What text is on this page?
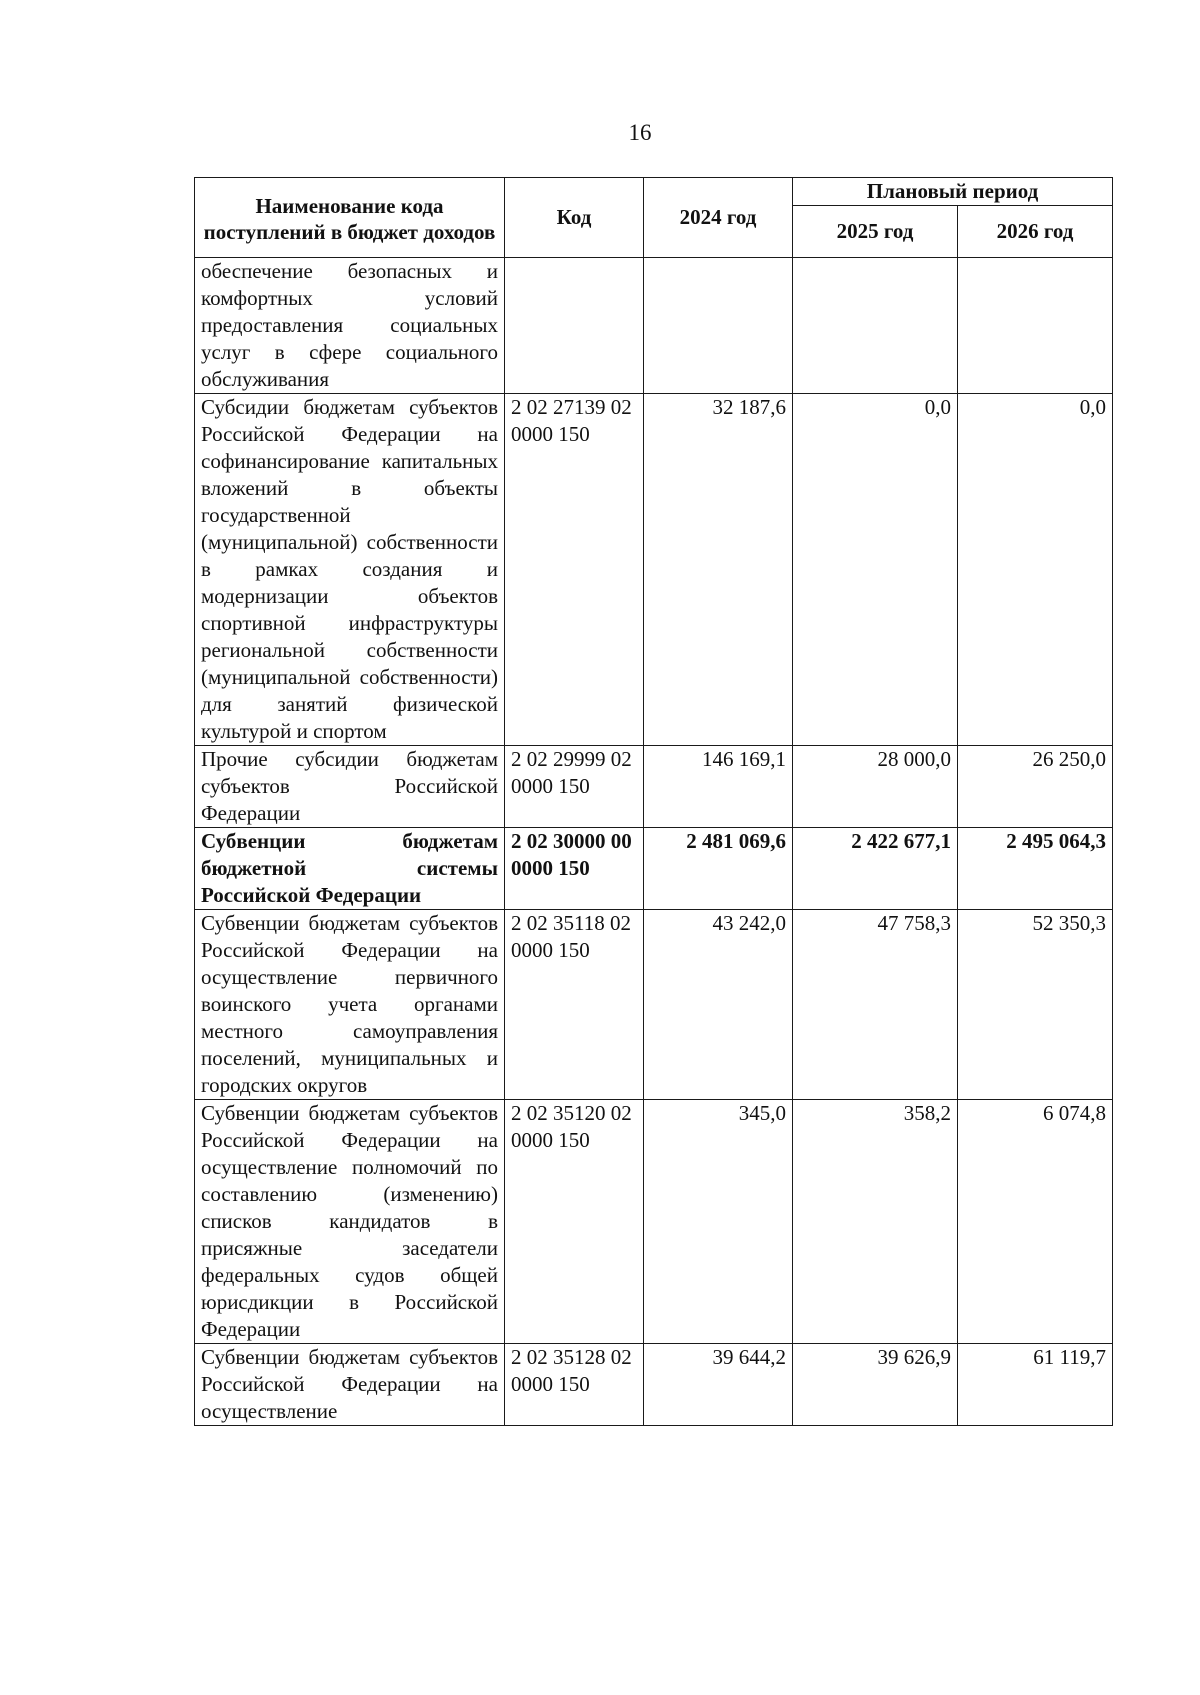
16
Наименование кода поступлений в бюджет доходов	Код	2024 год	Плановый период	
			2025 год	2026 год
обеспечение безопасных и комфортных условий предоставления социальных услуг в сфере социального обслуживания				
Субсидии бюджетам субъектов Российской Федерации на софинансирование капитальных вложений в объекты государственной (муниципальной) собственности в рамках создания и модернизации объектов спортивной инфраструктуры региональной собственности (муниципальной собственности) для занятий физической культурой и спортом	2 02 27139 02 0000 150	32 187,6	0,0	0,0
Прочие субсидии бюджетам субъектов Российской Федерации	2 02 29999 02 0000 150	146 169,1	28 000,0	26 250,0
Субвенции бюджетам бюджетной системы Российской Федерации	2 02 30000 00 0000 150	2 481 069,6	2 422 677,1	2 495 064,3
Субвенции бюджетам субъектов Российской Федерации на осуществление первичного воинского учета органами местного самоуправления поселений, муниципальных и городских округов	2 02 35118 02 0000 150	43 242,0	47 758,3	52 350,3
Субвенции бюджетам субъектов Российской Федерации на осуществление полномочий по составлению (изменению) списков кандидатов в присяжные заседатели федеральных судов общей юрисдикции в Российской Федерации	2 02 35120 02 0000 150	345,0	358,2	6 074,8
Субвенции бюджетам субъектов Российской Федерации на осуществление	2 02 35128 02 0000 150	39 644,2	39 626,9	61 119,7
